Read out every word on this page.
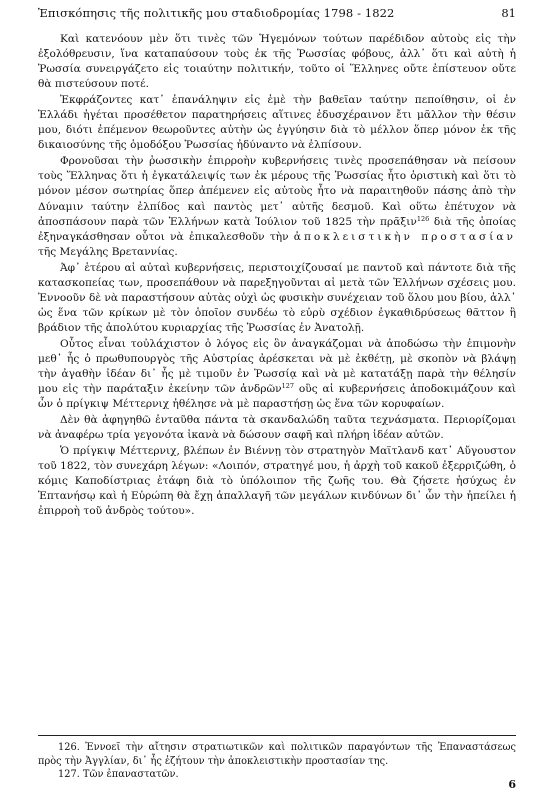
Ἐπισκόπησις τῆς πολιτικῆς μου σταδιοδρομίας 1798 - 1822	81

Καὶ κατενόουν μὲν ὅτι τινὲς τῶν Ἡγεμόνων τούτων παρέδιδον αὐτοὺς εἰς τὴν ἐξολόθρευσιν, ἵνα καταπαύσουν τοὺς ἐκ τῆς Ῥωσσίας φόβους, ἀλλ᾽ ὅτι καὶ αὐτὴ ἡ Ῥωσσία συνειργάζετο εἰς τοιαύτην πολιτικήν, τοῦτο οἱ Ἕλληνες οὔτε ἐπίστευον οὔτε θὰ πιστεύσουν ποτέ.

Ἐκφράζοντες κατ᾽ ἐπανάληψιν εἰς ἐμὲ τὴν βαθεῖαν ταύτην πεποίθησιν, οἱ ἐν Ἑλλάδι ἡγέται προσέθετον παρατηρήσεις αἵτινες ἐδυσχέραινον ἔτι μᾶλλον τὴν θέσιν μου, διότι ἐπέμενον θεωροῦντες αὐτὴν ὡς ἐγγύησιν διὰ τὸ μέλλον ὅπερ μόνον ἐκ τῆς δικαιοσύνης τῆς ὁμοδόξου Ῥωσσίας ἠδύναντο νὰ ἐλπίσουν.

Φρονοῦσαι τὴν ῥωσσικὴν ἐπιρροὴν κυβερνήσεις τινὲς προσεπάθησαν νὰ πείσουν τοὺς Ἕλληνας ὅτι ἡ ἐγκατάλειψίς των ἐκ μέρους τῆς Ῥωσσίας ἦτο ὁριστικὴ καὶ ὅτι τὸ μόνον μέσον σωτηρίας ὅπερ ἀπέμενεν εἰς αὐτοὺς ἦτο νὰ παραιτηθοῦν πάσης ἀπὸ τὴν Δύναμιν ταύτην ἐλπίδος καὶ παντὸς μετ᾽ αὐτῆς δεσμοῦ. Καὶ οὕτω ἐπέτυχον νὰ ἀποσπάσουν παρὰ τῶν Ἑλλήνων κατὰ Ἰούλιον τοῦ 1825 τὴν πρᾶξιν$^{126}$ διὰ τῆς ὁποίας ἐξηναγκάσθησαν οὗτοι νὰ ἐπικαλεσθοῦν τὴν ἀποκλειστικὴν προστασίαν τῆς Μεγάλης Βρεταννίας.

Ἀφ᾽ ἑτέρου αἱ αὐταὶ κυβερνήσεις, περιστοιχίζουσαί με παντοῦ καὶ πάντοτε διὰ τῆς κατασκοπείας των, προσεπάθουν νὰ παρεξηγοῦνται αἱ μετὰ τῶν Ἑλλήνων σχέσεις μου. Ἐννοοῦν δὲ νὰ παραστήσουν αὐτὰς οὐχὶ ὡς φυσικὴν συνέχειαν τοῦ ὅλου μου βίου, ἀλλ᾽ ὡς ἕνα τῶν κρίκων μὲ τὸν ὁποῖον συνδέω τὸ εὐρὺ σχέδιον ἐγκαθιδρύσεως θᾶττον ἢ βράδιον τῆς ἀπολύτου κυριαρχίας τῆς Ῥωσσίας ἐν Ἀνατολῇ.

Οὗτος εἶναι τοὐλάχιστον ὁ λόγος εἰς ὃν ἀναγκάζομαι νὰ ἀποδώσω τὴν ἐπιμονὴν μεθ᾽ ἧς ὁ πρωθυπουργὸς τῆς Αὐστρίας ἀρέσκεται νὰ μὲ ἐκθέτῃ, μὲ σκοπὸν νὰ βλάψῃ τὴν ἀγαθὴν ἰδέαν δι᾽ ἧς μὲ τιμοῦν ἐν Ῥωσσίᾳ καὶ νὰ μὲ κατατάξῃ παρὰ τὴν θέλησίν μου εἰς τὴν παράταξιν ἐκείνην τῶν ἀνδρῶν$^{127}$ οὓς αἱ κυβερνήσεις ἀποδοκιμάζουν καὶ ὧν ὁ πρίγκιψ Μέττερνιχ ἠθέλησε νὰ μὲ παραστήσῃ ὡς ἕνα τῶν κορυφαίων.

Δὲν θὰ ἀφηγηθῶ ἐνταῦθα πάντα τὰ σκανδαλώδη ταῦτα τεχνάσματα. Περιορίζομαι νὰ ἀναφέρω τρία γεγονότα ἱκανὰ νὰ δώσουν σαφῆ καὶ πλήρη ἰδέαν αὐτῶν.

Ὁ πρίγκιψ Μέττερνιχ, βλέπων ἐν Βιέννῃ τὸν στρατηγὸν Μαϊτλανδ κατ᾽ Αὔγουστον τοῦ 1822, τὸν συνεχάρη λέγων: «Λοιπόν, στρατηγέ μου, ἡ ἀρχὴ τοῦ κακοῦ ἐξερριζώθη, ὁ κόμις Καποδίστριας ἐτάφη διὰ τὸ ὑπόλοιπον τῆς ζωῆς του. Θὰ ζήσετε ἡσύχως ἐν Ἑπτανήσῳ καὶ ἡ Εὐρώπη θὰ ἔχῃ ἀπαλλαγῆ τῶν μεγάλων κινδύνων δι᾽ ὧν τὴν ἠπείλει ἡ ἐπιρροὴ τοῦ ἀνδρὸς τούτου».

126. Ἐννοεῖ τὴν αἴτησιν στρατιωτικῶν καὶ πολιτικῶν παραγόντων τῆς Ἐπαναστάσεως πρὸς τὴν Ἀγγλίαν, δι᾽ ἧς ἐζήτουν τὴν ἀποκλειστικὴν προστασίαν της.

127. Τῶν ἐπαναστατῶν.

6
